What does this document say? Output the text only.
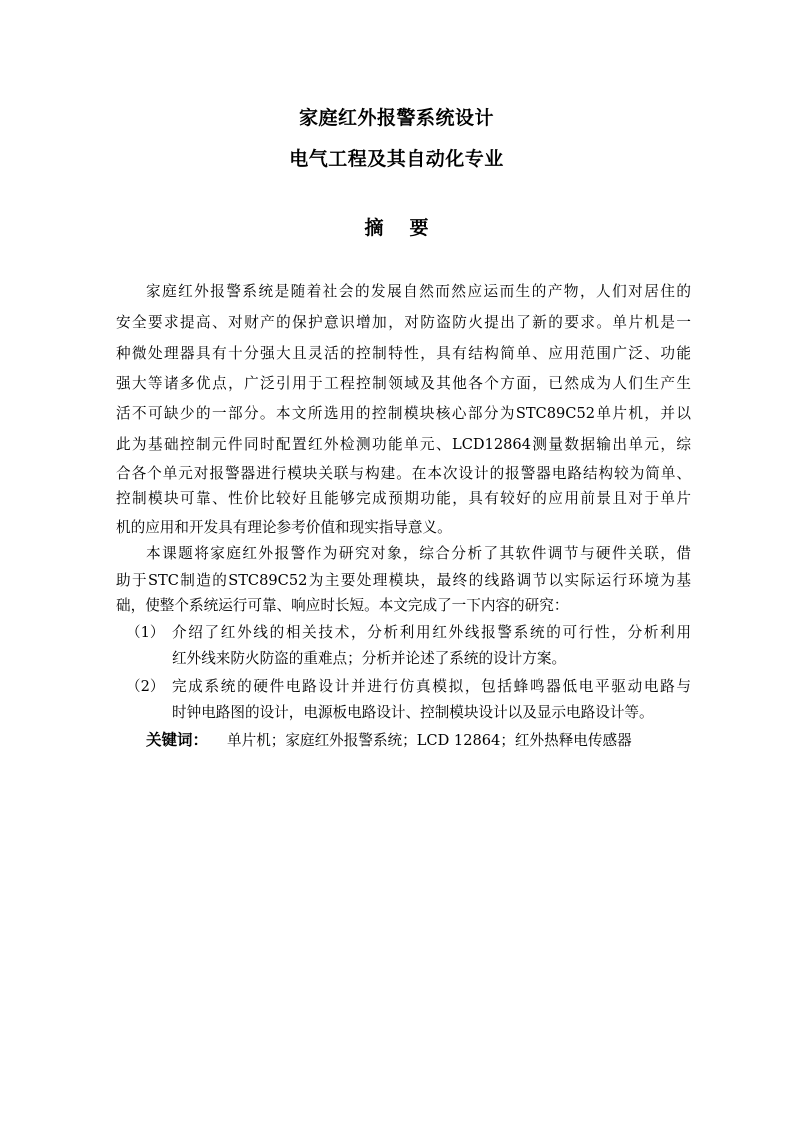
家庭红外报警系统设计
电气工程及其自动化专业
摘 要
家庭红外报警系统是随着社会的发展自然而然应运而生的产物，人们对居住的
安全要求提高、对财产的保护意识增加，对防盗防火提出了新的要求。单片机是一
种微处理器具有十分强大且灵活的控制特性，具有结构简单、应用范围广泛、功能
强大等诸多优点，广泛引用于工程控制领域及其他各个方面，已然成为人们生产生
活不可缺少的一部分。本文所选用的控制模块核心部分为STC89C52单片机，并以
此为基础控制元件同时配置红外检测功能单元、LCD12864测量数据输出单元，综
合各个单元对报警器进行模块关联与构建。在本次设计的报警器电路结构较为简单、
控制模块可靠、性价比较好且能够完成预期功能，具有较好的应用前景且对于单片
机的应用和开发具有理论参考价值和现实指导意义。
本课题将家庭红外报警作为研究对象，综合分析了其软件调节与硬件关联，借
助于STC制造的STC89C52为主要处理模块，最终的线路调节以实际运行环境为基
础，使整个系统运行可靠、响应时长短。本文完成了一下内容的研究：
（1） 介绍了红外线的相关技术，分析利用红外线报警系统的可行性，分析利用
红外线来防火防盗的重难点；分析并论述了系统的设计方案。
（2） 完成系统的硬件电路设计并进行仿真模拟，包括蜂鸣器低电平驱动电路与
时钟电路图的设计，电源板电路设计、控制模块设计以及显示电路设计等。
关键词： 单片机；家庭红外报警系统；LCD 12864；红外热释电传感器
